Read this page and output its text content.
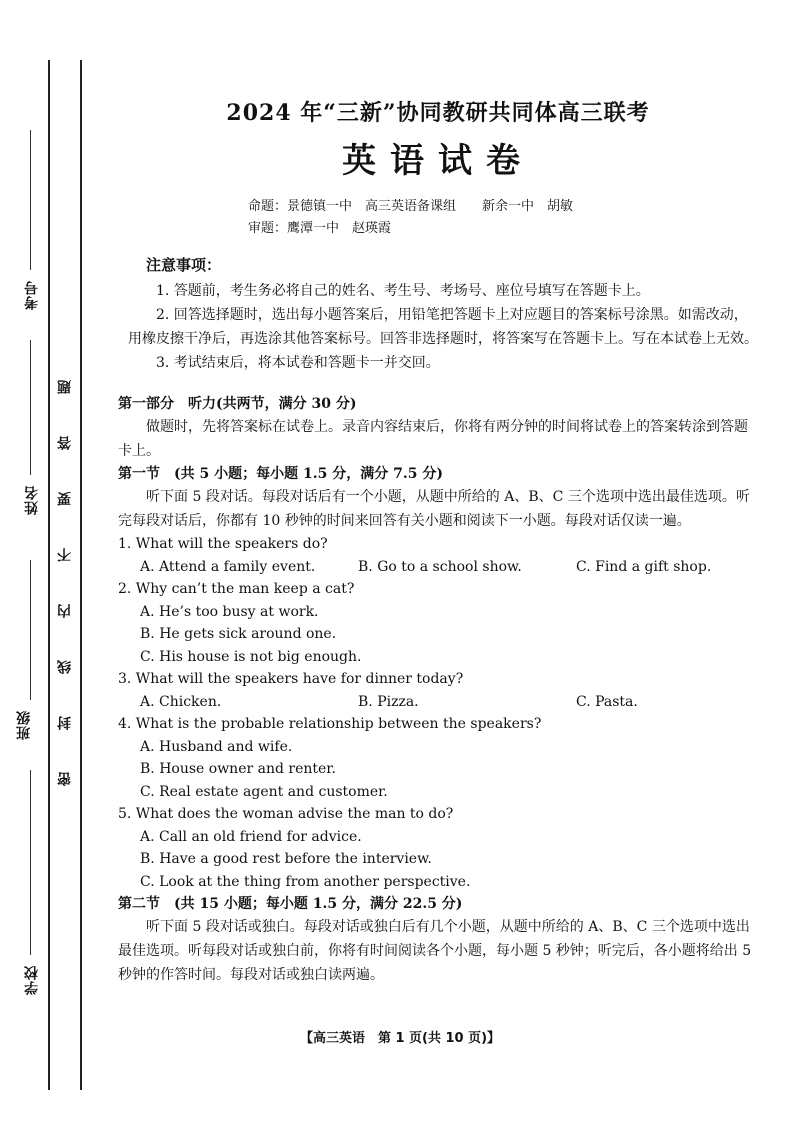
考号
姓名
班级
学校
题
答
要
不
内
线
封
密
2024 年“三新”协同教研共同体高三联考
英语试卷
命题：景德镇一中　高三英语备课组　　新余一中　胡敏
审题：鹰潭一中　赵瑛霞
注意事项：

1. 答题前，考生务必将自己的姓名、考生号、考场号、座位号填写在答题卡上。

2. 回答选择题时，选出每小题答案后，用铅笔把答题卡上对应题目的答案标号涂黑。如需改动，用橡皮擦干净后，再选涂其他答案标号。回答非选择题时，将答案写在答题卡上。写在本试卷上无效。

3. 考试结束后，将本试卷和答题卡一并交回。

第一部分　听力(共两节，满分 30 分)

做题时，先将答案标在试卷上。录音内容结束后，你将有两分钟的时间将试卷上的答案转涂到答题卡上。

第一节　(共 5 小题；每小题 1.5 分，满分 7.5 分)

听下面 5 段对话。每段对话后有一个小题，从题中所给的 A、B、C 三个选项中选出最佳选项。听完每段对话后，你都有 10 秒钟的时间来回答有关小题和阅读下一小题。每段对话仅读一遍。

1. What will the speakers do?

A. Attend a family event.	B. Go to a school show.	C. Find a gift shop.

2. Why can’t the man keep a cat?

A. He’s too busy at work.

B. He gets sick around one.

C. His house is not big enough.

3. What will the speakers have for dinner today?

A. Chicken.	B. Pizza.	C. Pasta.

4. What is the probable relationship between the speakers?

A. Husband and wife.

B. House owner and renter.

C. Real estate agent and customer.

5. What does the woman advise the man to do?

A. Call an old friend for advice.

B. Have a good rest before the interview.

C. Look at the thing from another perspective.

第二节　(共 15 小题；每小题 1.5 分，满分 22.5 分)

听下面 5 段对话或独白。每段对话或独白后有几个小题，从题中所给的 A、B、C 三个选项中选出最佳选项。听每段对话或独白前，你将有时间阅读各个小题，每小题 5 秒钟；听完后，各小题将给出 5 秒钟的作答时间。每段对话或独白读两遍。

【高三英语　第 1 页(共 10 页)】
